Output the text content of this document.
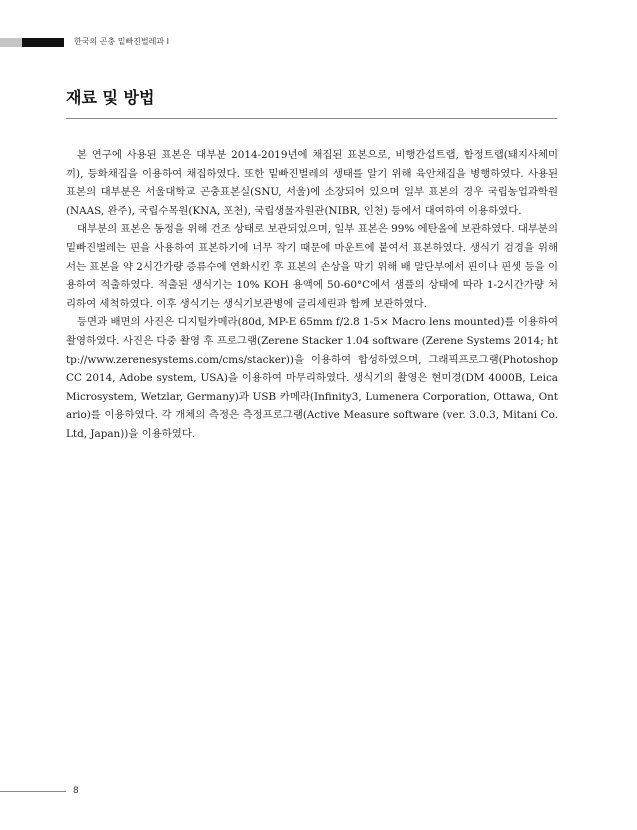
한국의 곤충 밑빠진벌레과 I
재료 및 방법

본 연구에 사용된 표본은 대부분 2014-2019년에 채집된 표본으로, 비행간섭트랩, 함정트랩(돼지사체미끼), 등화채집을 이용하여 채집하였다. 또한 밑빠진벌레의 생태를 알기 위해 육안채집을 병행하였다. 사용된 표본의 대부분은 서울대학교 곤충표본실(SNU, 서울)에 소장되어 있으며 일부 표본의 경우 국립농업과학원(NAAS, 완주), 국립수목원(KNA, 포천), 국립생물자원관(NIBR, 인천) 등에서 대여하여 이용하였다.

대부분의 표본은 동정을 위해 건조 상태로 보관되었으며, 일부 표본은 99% 에탄올에 보관하였다. 대부분의 밑빠진벌레는 핀을 사용하여 표본하기에 너무 작기 때문에 마운트에 붙여서 표본하였다. 생식기 검경을 위해서는 표본을 약 2시간가량 증류수에 연화시킨 후 표본의 손상을 막기 위해 배 말단부에서 핀이나 핀셋 등을 이용하여 적출하였다. 적출된 생식기는 10% KOH 용액에 50-60°C에서 샘플의 상태에 따라 1-2시간가량 처리하여 세척하였다. 이후 생식기는 생식기보관병에 글리세린과 함께 보관하였다.

등면과 배면의 사진은 디지털카메라(80d, MP-E 65mm f/2.8 1-5× Macro lens mounted)를 이용하여 촬영하였다. 사진은 다중 촬영 후 프로그램(Zerene Stacker 1.04 software (Zerene Systems 2014; http://www.zerenesystems.com/cms/stacker))을 이용하여 합성하였으며, 그래픽프로그램(Photoshop CC 2014, Adobe system, USA)을 이용하여 마무리하였다. 생식기의 촬영은 현미경(DM 4000B, Leica Microsystem, Wetzlar, Germany)과 USB 카메라(Infinity3, Lumenera Corporation, Ottawa, Ontario)를 이용하였다. 각 개체의 측정은 측정프로그램(Active Measure software (ver. 3.0.3, Mitani Co. Ltd, Japan))을 이용하였다.

8
